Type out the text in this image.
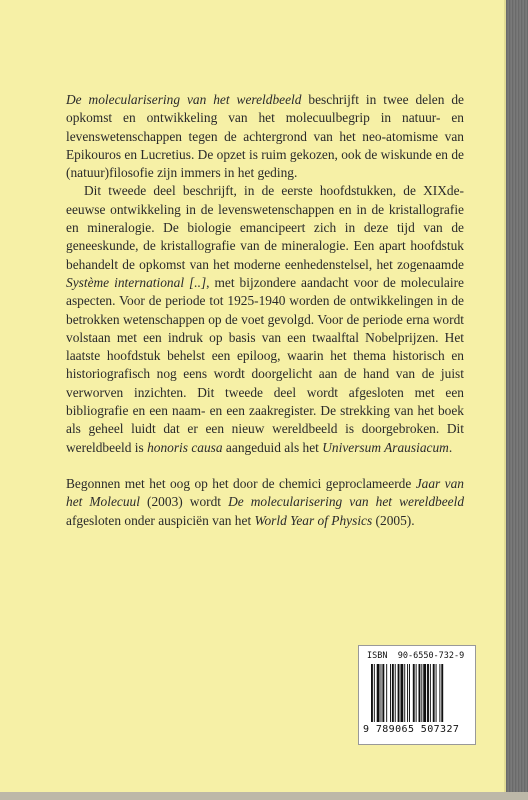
De molecularisering van het wereldbeeld beschrijft in twee delen de opkomst en ontwikkeling van het molecuulbegrip in natuur- en levenswetenschappen tegen de achtergrond van het neo-atomisme van Epikouros en Lucretius. De opzet is ruim gekozen, ook de wiskunde en de (natuur)filosofie zijn immers in het geding.

Dit tweede deel beschrijft, in de eerste hoofdstukken, de XIXde-eeuwse ontwikkeling in de levenswetenschappen en in de kristallografie en mineralogie. De biologie emancipeert zich in deze tijd van de geneeskunde, de kristallografie van de mineralogie. Een apart hoofdstuk behandelt de opkomst van het moderne eenhedenstelsel, het zogenaamde Système international [..], met bijzondere aandacht voor de moleculaire aspecten. Voor de periode tot 1925-1940 worden de ontwikkelingen in de betrokken wetenschappen op de voet gevolgd. Voor de periode erna wordt volstaan met een indruk op basis van een twaalftal Nobelprijzen. Het laatste hoofdstuk behelst een epiloog, waarin het thema historisch en historiografisch nog eens wordt doorgelicht aan de hand van de juist verworven inzichten. Dit tweede deel wordt afgesloten met een bibliografie en een naam- en een zaakregister. De strekking van het boek als geheel luidt dat er een nieuw wereldbeeld is doorgebroken. Dit wereldbeeld is honoris causa aangeduid als het Universum Arausiacum.

Begonnen met het oog op het door de chemici geproclameerde Jaar van het Molecuul (2003) wordt De molecularisering van het wereldbeeld afgesloten onder auspiciën van het World Year of Physics (2005).

ISBN 90-6550-732-9
9 789065 507327
